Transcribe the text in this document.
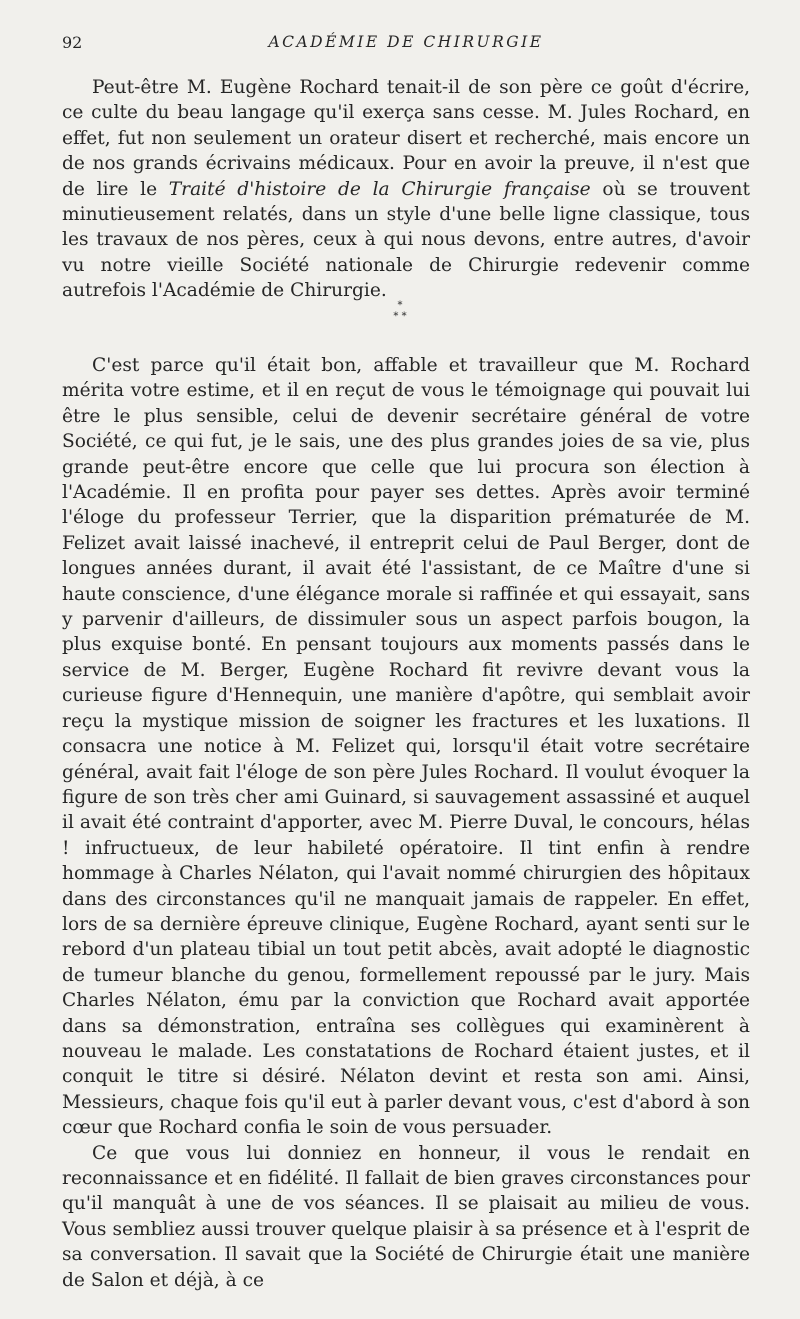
92	ACADÉMIE DE CHIRURGIE

Peut-être M. Eugène Rochard tenait-il de son père ce goût d'écrire, ce culte du beau langage qu'il exerça sans cesse. M. Jules Rochard, en effet, fut non seulement un orateur disert et recherché, mais encore un de nos grands écrivains médicaux. Pour en avoir la preuve, il n'est que de lire le Traité d'histoire de la Chirurgie française où se trouvent minutieusement relatés, dans un style d'une belle ligne classique, tous les travaux de nos pères, ceux à qui nous devons, entre autres, d'avoir vu notre vieille Société nationale de Chirurgie redevenir comme autrefois l'Académie de Chirurgie.

*
* *

C'est parce qu'il était bon, affable et travailleur que M. Rochard mérita votre estime, et il en reçut de vous le témoignage qui pouvait lui être le plus sensible, celui de devenir secrétaire général de votre Société, ce qui fut, je le sais, une des plus grandes joies de sa vie, plus grande peut-être encore que celle que lui procura son élection à l'Académie. Il en profita pour payer ses dettes. Après avoir terminé l'éloge du professeur Terrier, que la disparition prématurée de M. Felizet avait laissé inachevé, il entreprit celui de Paul Berger, dont de longues années durant, il avait été l'assistant, de ce Maître d'une si haute conscience, d'une élégance morale si raffinée et qui essayait, sans y parvenir d'ailleurs, de dissimuler sous un aspect parfois bougon, la plus exquise bonté. En pensant toujours aux moments passés dans le service de M. Berger, Eugène Rochard fit revivre devant vous la curieuse figure d'Hennequin, une manière d'apôtre, qui semblait avoir reçu la mystique mission de soigner les fractures et les luxations. Il consacra une notice à M. Felizet qui, lorsqu'il était votre secrétaire général, avait fait l'éloge de son père Jules Rochard. Il voulut évoquer la figure de son très cher ami Guinard, si sauvagement assassiné et auquel il avait été contraint d'apporter, avec M. Pierre Duval, le concours, hélas ! infructueux, de leur habileté opératoire. Il tint enfin à rendre hommage à Charles Nélaton, qui l'avait nommé chirurgien des hôpitaux dans des circonstances qu'il ne manquait jamais de rappeler. En effet, lors de sa dernière épreuve clinique, Eugène Rochard, ayant senti sur le rebord d'un plateau tibial un tout petit abcès, avait adopté le diagnostic de tumeur blanche du genou, formellement repoussé par le jury. Mais Charles Nélaton, ému par la conviction que Rochard avait apportée dans sa démonstration, entraîna ses collègues qui examinèrent à nouveau le malade. Les constatations de Rochard étaient justes, et il conquit le titre si désiré. Nélaton devint et resta son ami. Ainsi, Messieurs, chaque fois qu'il eut à parler devant vous, c'est d'abord à son cœur que Rochard confia le soin de vous persuader.

Ce que vous lui donniez en honneur, il vous le rendait en reconnaissance et en fidélité. Il fallait de bien graves circonstances pour qu'il manquât à une de vos séances. Il se plaisait au milieu de vous. Vous sembliez aussi trouver quelque plaisir à sa présence et à l'esprit de sa conversation. Il savait que la Société de Chirurgie était une manière de Salon et déjà, à ce
